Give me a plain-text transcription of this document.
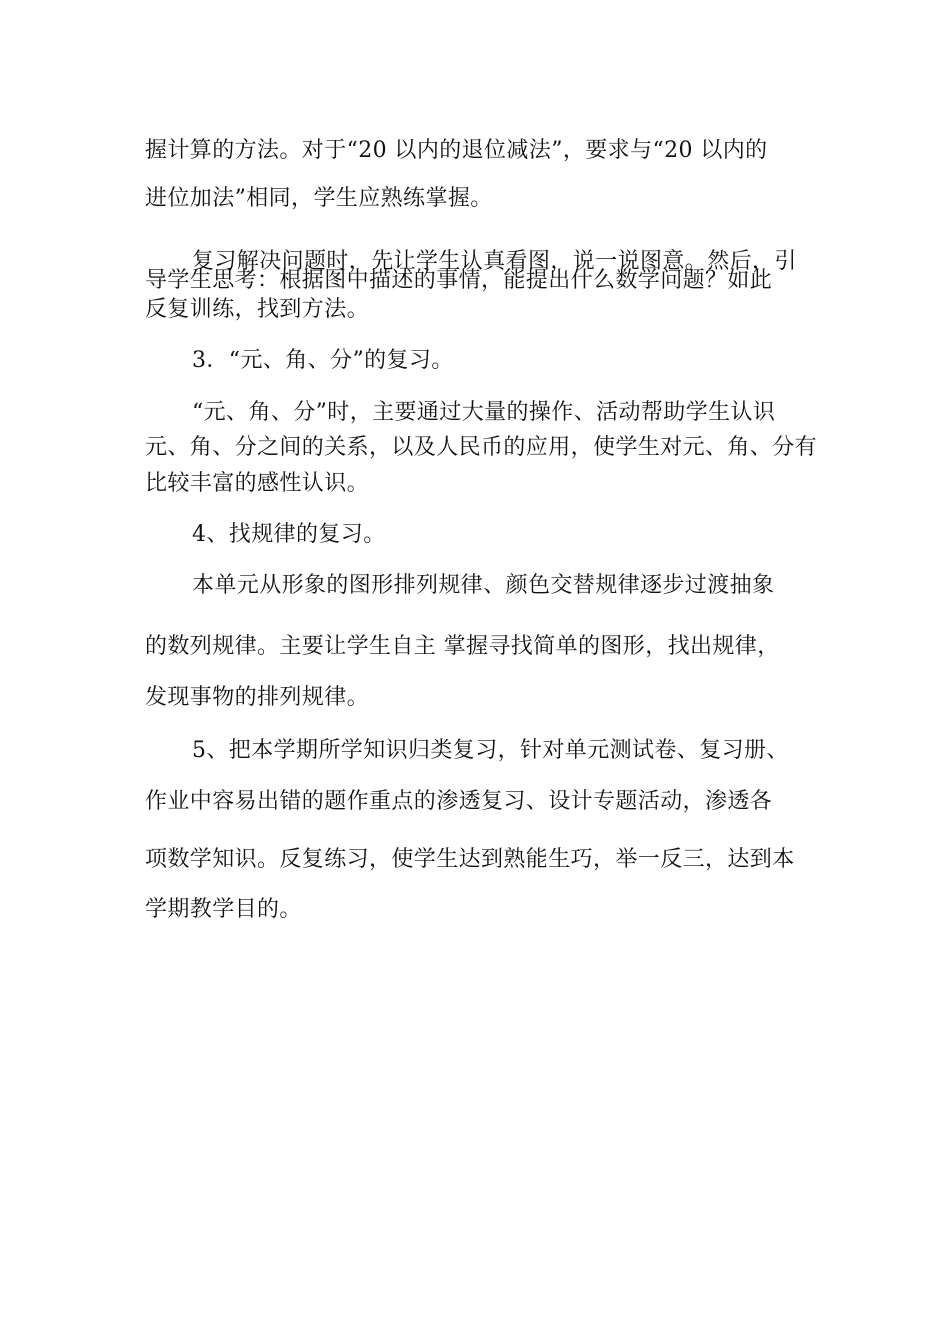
握计算的方法。对于“20 以内的退位减法”，要求与“20 以内的
进位加法”相同，学生应熟练掌握。
复习解决问题时，先让学生认真看图，说一说图意。然后，引
导学生思考：根据图中描述的事情，能提出什么数学问题？如此
反复训练，找到方法。
3．“元、角、分”的复习。
“元、角、分”时，主要通过大量的操作、活动帮助学生认识
元、角、分之间的关系，以及人民币的应用，使学生对元、角、分有
比较丰富的感性认识。
4、找规律的复习。
本单元从形象的图形排列规律、颜色交替规律逐步过渡抽象
的数列规律。主要让学生自主 掌握寻找简单的图形，找出规律，
发现事物的排列规律。
5、把本学期所学知识归类复习，针对单元测试卷、复习册、
作业中容易出错的题作重点的渗透复习、设计专题活动，渗透各
项数学知识。反复练习，使学生达到熟能生巧，举一反三，达到本
学期教学目的。
